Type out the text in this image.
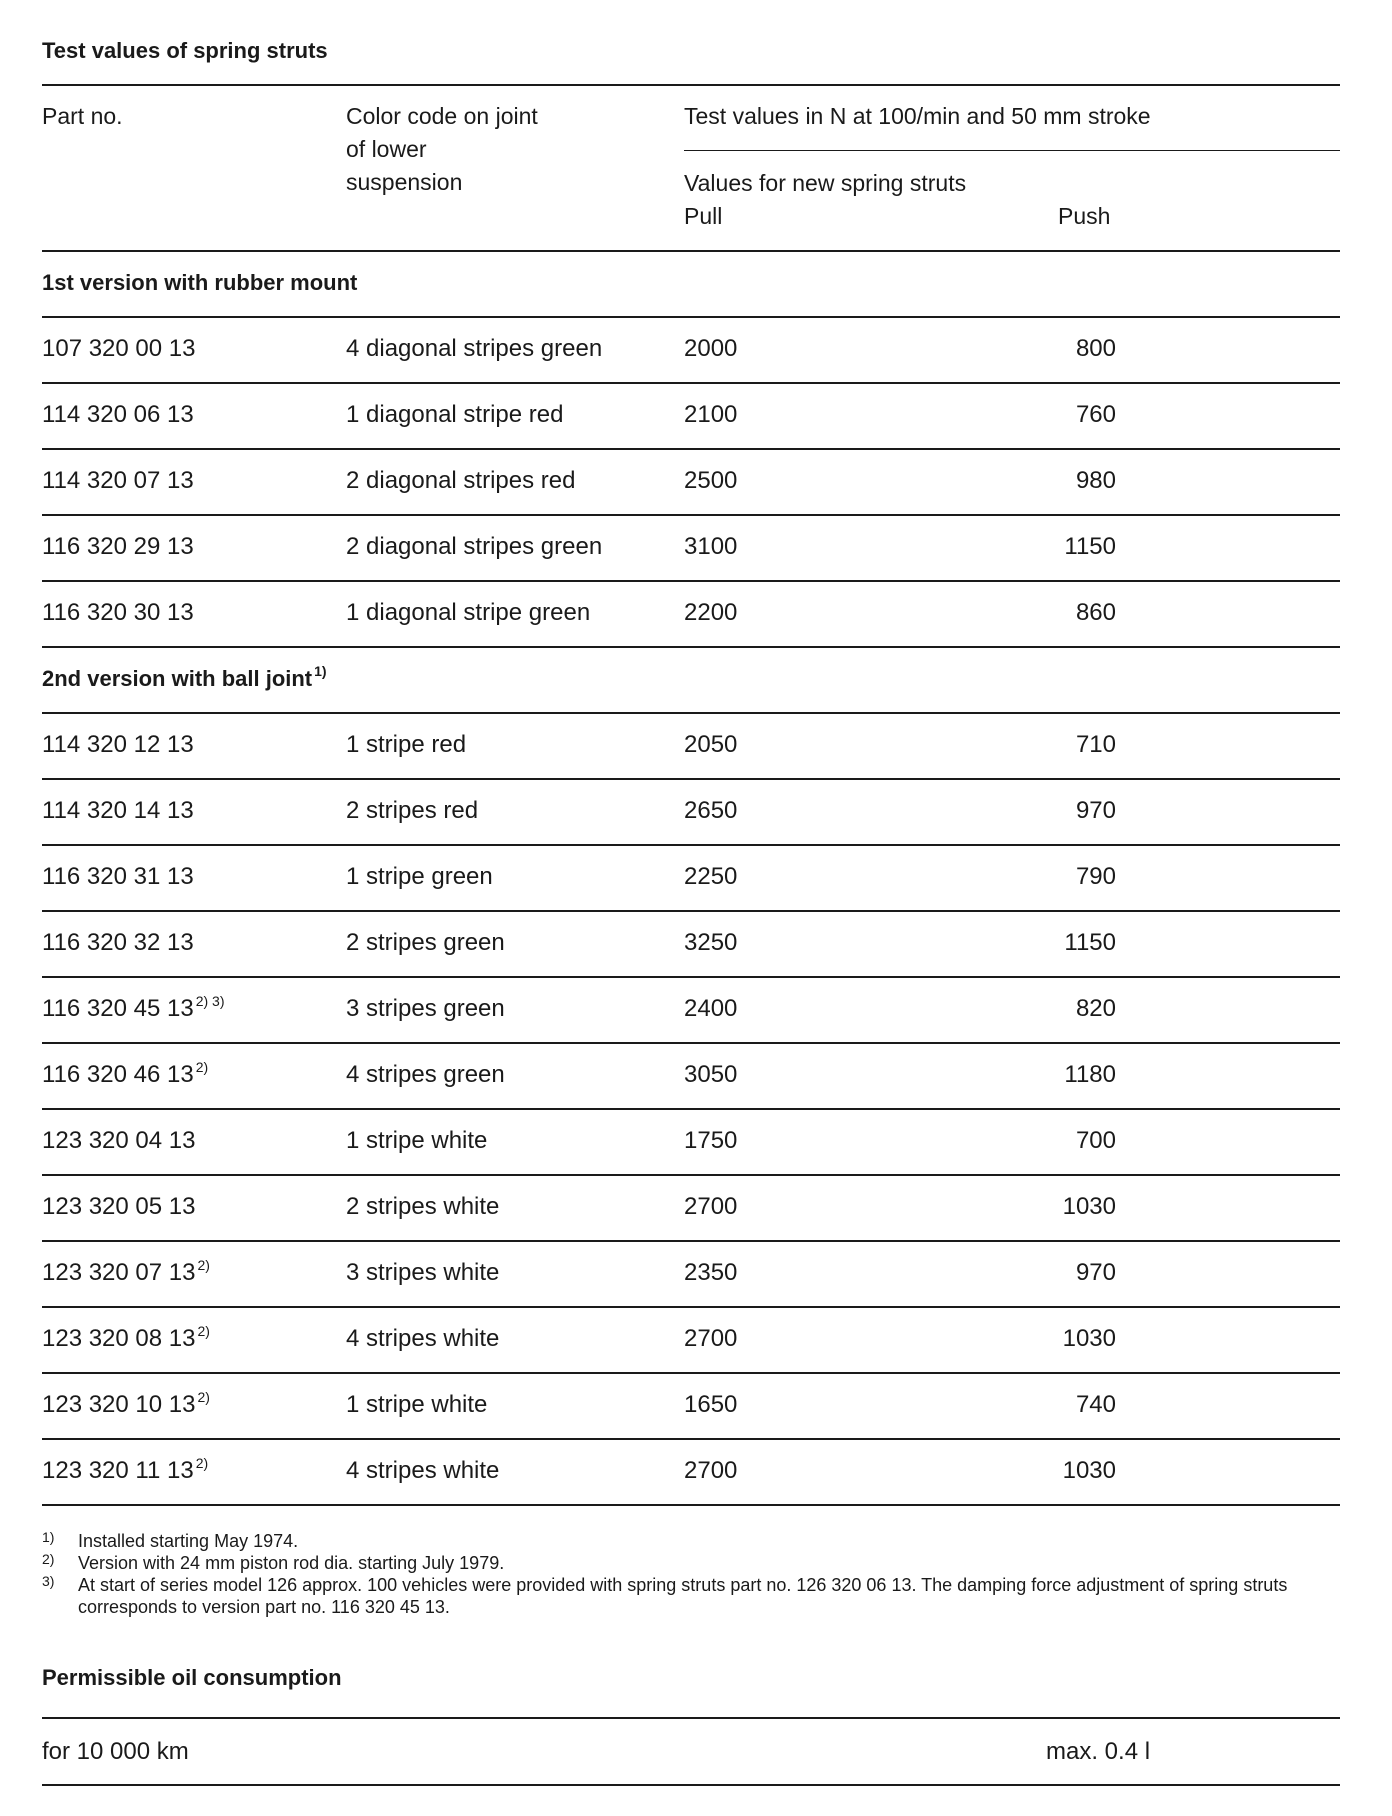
Test values of spring struts
Part no.	Color code on joint
of lower
suspension
Test values in N at 100/min and 50 mm stroke
Values for new spring struts
Pull	Push
1st version with rubber mount
107 320 00 13	4 diagonal stripes green	2000	800
114 320 06 13	1 diagonal stripe red	2100	760
114 320 07 13	2 diagonal stripes red	2500	980
116 320 29 13	2 diagonal stripes green	3100	1150
116 320 30 13	1 diagonal stripe green	2200	860
2nd version with ball joint $^{1)}$
114 320 12 13	1 stripe red	2050	710
114 320 14 13	2 stripes red	2650	970
116 320 31 13	1 stripe green	2250	790
116 320 32 13	2 stripes green	3250	1150
116 320 45 13 $^{2) 3)}$	3 stripes green	2400	820
116 320 46 13 $^{2)}$	4 stripes green	3050	1180
123 320 04 13	1 stripe white	1750	700
123 320 05 13	2 stripes white	2700	1030
123 320 07 13 $^{2)}$	3 stripes white	2350	970
123 320 08 13 $^{2)}$	4 stripes white	2700	1030
123 320 10 13 $^{2)}$	1 stripe white	1650	740
123 320 11 13 $^{2)}$	4 stripes white	2700	1030
1) Installed starting May 1974.
2) Version with 24 mm piston rod dia. starting July 1979.
3) At start of series model 126 approx. 100 vehicles were provided with spring struts part no. 126 320 06 13. The damping force adjustment of spring struts corresponds to version part no. 116 320 45 13.
Permissible oil consumption
for 10 000 km	max. 0.4 l
